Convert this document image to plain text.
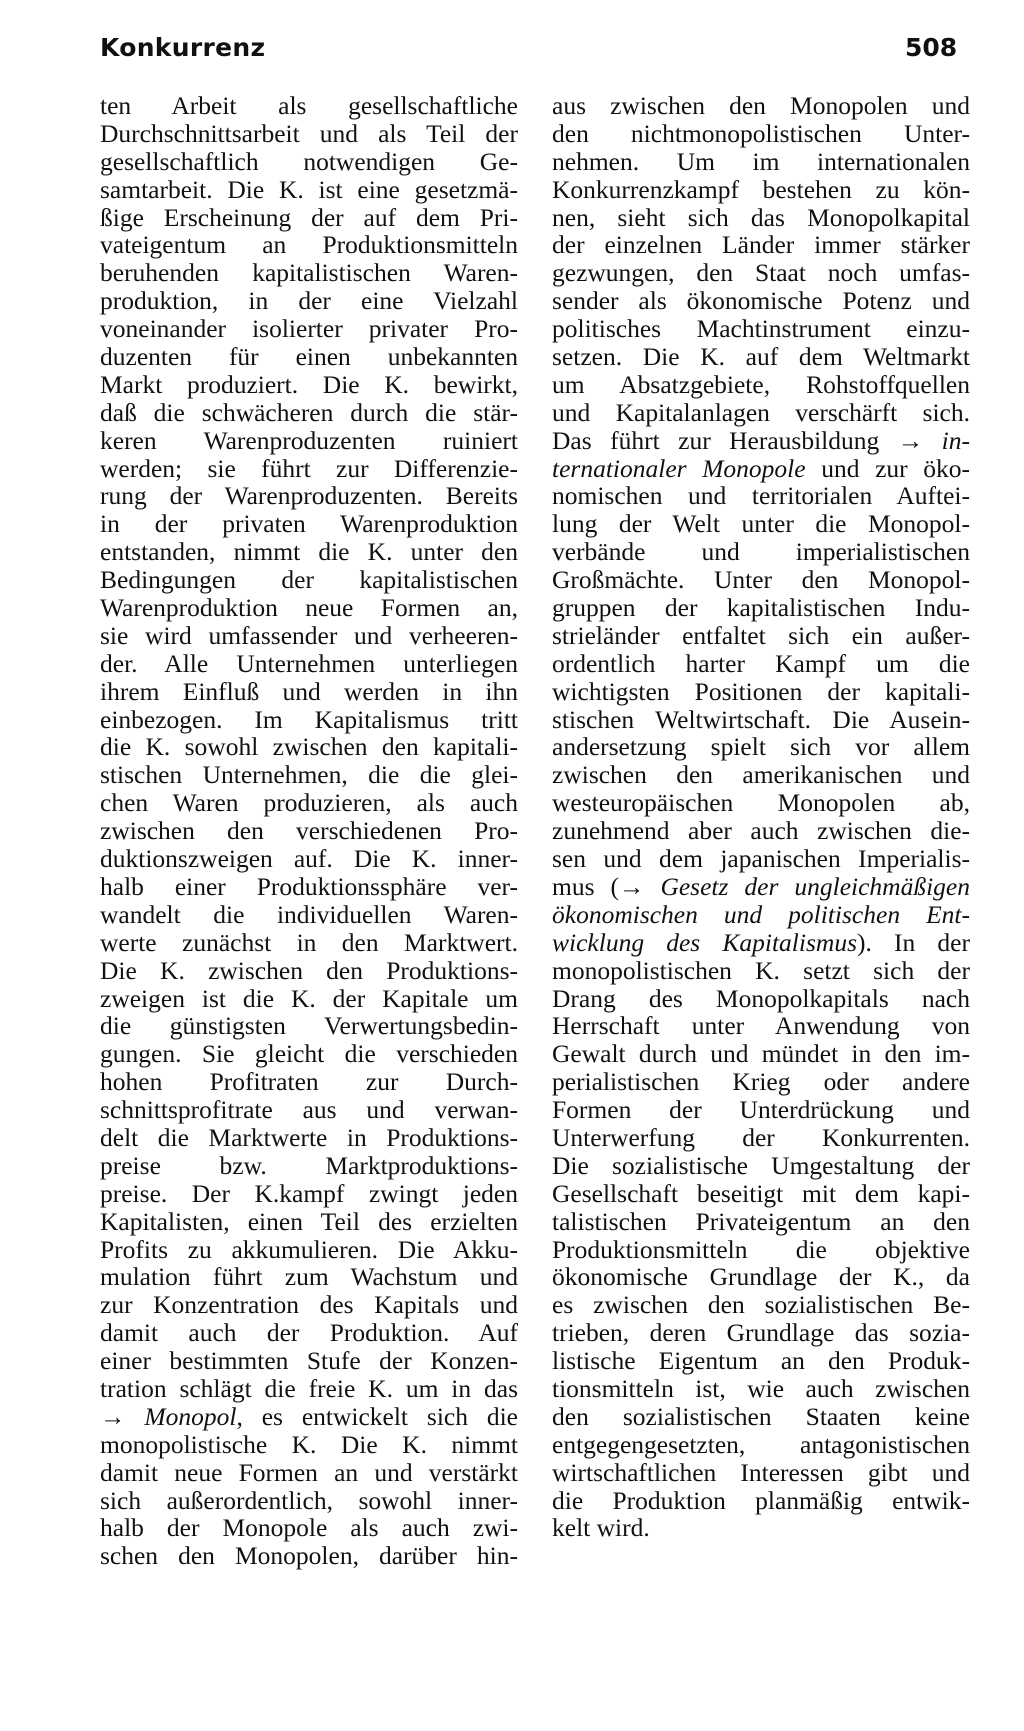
Konkurrenz	508
ten Arbeit als gesellschaftliche
Durchschnittsarbeit und als Teil der
gesellschaftlich notwendigen Ge-
samtarbeit. Die K. ist eine gesetzmä-
ßige Erscheinung der auf dem Pri-
vateigentum an Produktionsmitteln
beruhenden kapitalistischen Waren-
produktion, in der eine Vielzahl
voneinander isolierter privater Pro-
duzenten für einen unbekannten
Markt produziert. Die K. bewirkt,
daß die schwächeren durch die stär-
keren Warenproduzenten ruiniert
werden; sie führt zur Differenzie-
rung der Warenproduzenten. Bereits
in der privaten Warenproduktion
entstanden, nimmt die K. unter den
Bedingungen der kapitalistischen
Warenproduktion neue Formen an,
sie wird umfassender und verheeren-
der. Alle Unternehmen unterliegen
ihrem Einfluß und werden in ihn
einbezogen. Im Kapitalismus tritt
die K. sowohl zwischen den kapitali-
stischen Unternehmen, die die glei-
chen Waren produzieren, als auch
zwischen den verschiedenen Pro-
duktionszweigen auf. Die K. inner-
halb einer Produktionssphäre ver-
wandelt die individuellen Waren-
werte zunächst in den Marktwert.
Die K. zwischen den Produktions-
zweigen ist die K. der Kapitale um
die günstigsten Verwertungsbedin-
gungen. Sie gleicht die verschieden
hohen Profitraten zur Durch-
schnittsprofitrate aus und verwan-
delt die Marktwerte in Produktions-
preise bzw. Marktproduktions-
preise. Der K.kampf zwingt jeden
Kapitalisten, einen Teil des erzielten
Profits zu akkumulieren. Die Akku-
mulation führt zum Wachstum und
zur Konzentration des Kapitals und
damit auch der Produktion. Auf
einer bestimmten Stufe der Konzen-
tration schlägt die freie K. um in das
→ Monopol, es entwickelt sich die
monopolistische K. Die K. nimmt
damit neue Formen an und verstärkt
sich außerordentlich, sowohl inner-
halb der Monopole als auch zwi-
schen den Monopolen, darüber hin-
aus zwischen den Monopolen und
den nichtmonopolistischen Unter-
nehmen. Um im internationalen
Konkurrenzkampf bestehen zu kön-
nen, sieht sich das Monopolkapital
der einzelnen Länder immer stärker
gezwungen, den Staat noch umfas-
sender als ökonomische Potenz und
politisches Machtinstrument einzu-
setzen. Die K. auf dem Weltmarkt
um Absatzgebiete, Rohstoffquellen
und Kapitalanlagen verschärft sich.
Das führt zur Herausbildung → in-
ternationaler Monopole und zur öko-
nomischen und territorialen Auftei-
lung der Welt unter die Monopol-
verbände und imperialistischen
Großmächte. Unter den Monopol-
gruppen der kapitalistischen Indu-
strieländer entfaltet sich ein außer-
ordentlich harter Kampf um die
wichtigsten Positionen der kapitali-
stischen Weltwirtschaft. Die Ausein-
andersetzung spielt sich vor allem
zwischen den amerikanischen und
westeuropäischen Monopolen ab,
zunehmend aber auch zwischen die-
sen und dem japanischen Imperialis-
mus (→ Gesetz der ungleichmäßigen
ökonomischen und politischen Ent-
wicklung des Kapitalismus). In der
monopolistischen K. setzt sich der
Drang des Monopolkapitals nach
Herrschaft unter Anwendung von
Gewalt durch und mündet in den im-
perialistischen Krieg oder andere
Formen der Unterdrückung und
Unterwerfung der Konkurrenten.
Die sozialistische Umgestaltung der
Gesellschaft beseitigt mit dem kapi-
talistischen Privateigentum an den
Produktionsmitteln die objektive
ökonomische Grundlage der K., da
es zwischen den sozialistischen Be-
trieben, deren Grundlage das sozia-
listische Eigentum an den Produk-
tionsmitteln ist, wie auch zwischen
den sozialistischen Staaten keine
entgegengesetzten, antagonistischen
wirtschaftlichen Interessen gibt und
die Produktion planmäßig entwik-
kelt wird.
